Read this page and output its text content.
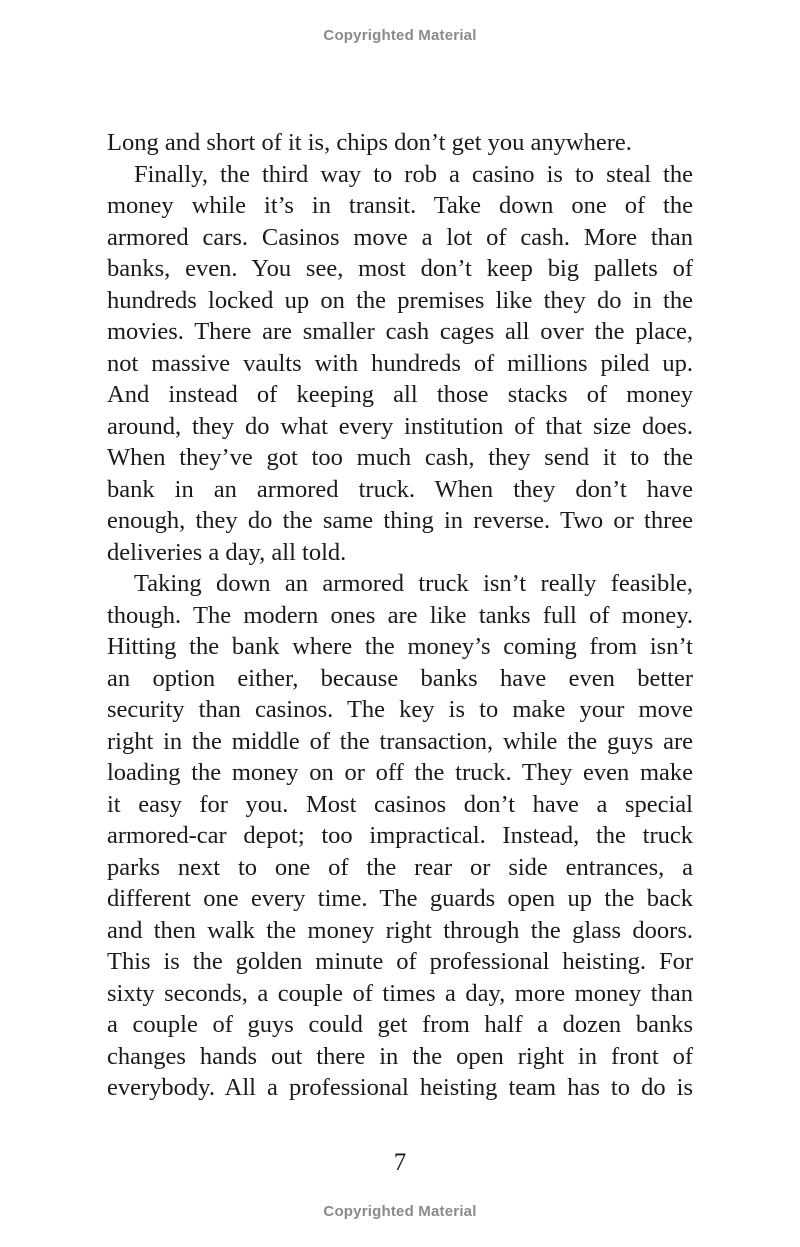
Copyrighted Material
Long and short of it is, chips don’t get you anywhere.
Finally, the third way to rob a casino is to steal the
money while it’s in transit. Take down one of the
armored cars. Casinos move a lot of cash. More than
banks, even. You see, most don’t keep big pallets of
hundreds locked up on the premises like they do in the
movies. There are smaller cash cages all over the place,
not massive vaults with hundreds of millions piled up.
And instead of keeping all those stacks of money
around, they do what every institution of that size does.
When they’ve got too much cash, they send it to the
bank in an armored truck. When they don’t have
enough, they do the same thing in reverse. Two or three
deliveries a day, all told.
Taking down an armored truck isn’t really feasible,
though. The modern ones are like tanks full of money.
Hitting the bank where the money’s coming from isn’t
an option either, because banks have even better
security than casinos. The key is to make your move
right in the middle of the transaction, while the guys are
loading the money on or off the truck. They even make
it easy for you. Most casinos don’t have a special
armored-car depot; too impractical. Instead, the truck
parks next to one of the rear or side entrances, a
different one every time. The guards open up the back
and then walk the money right through the glass doors.
This is the golden minute of professional heisting. For
sixty seconds, a couple of times a day, more money than
a couple of guys could get from half a dozen banks
changes hands out there in the open right in front of
everybody. All a professional heisting team has to do is
7
Copyrighted Material
